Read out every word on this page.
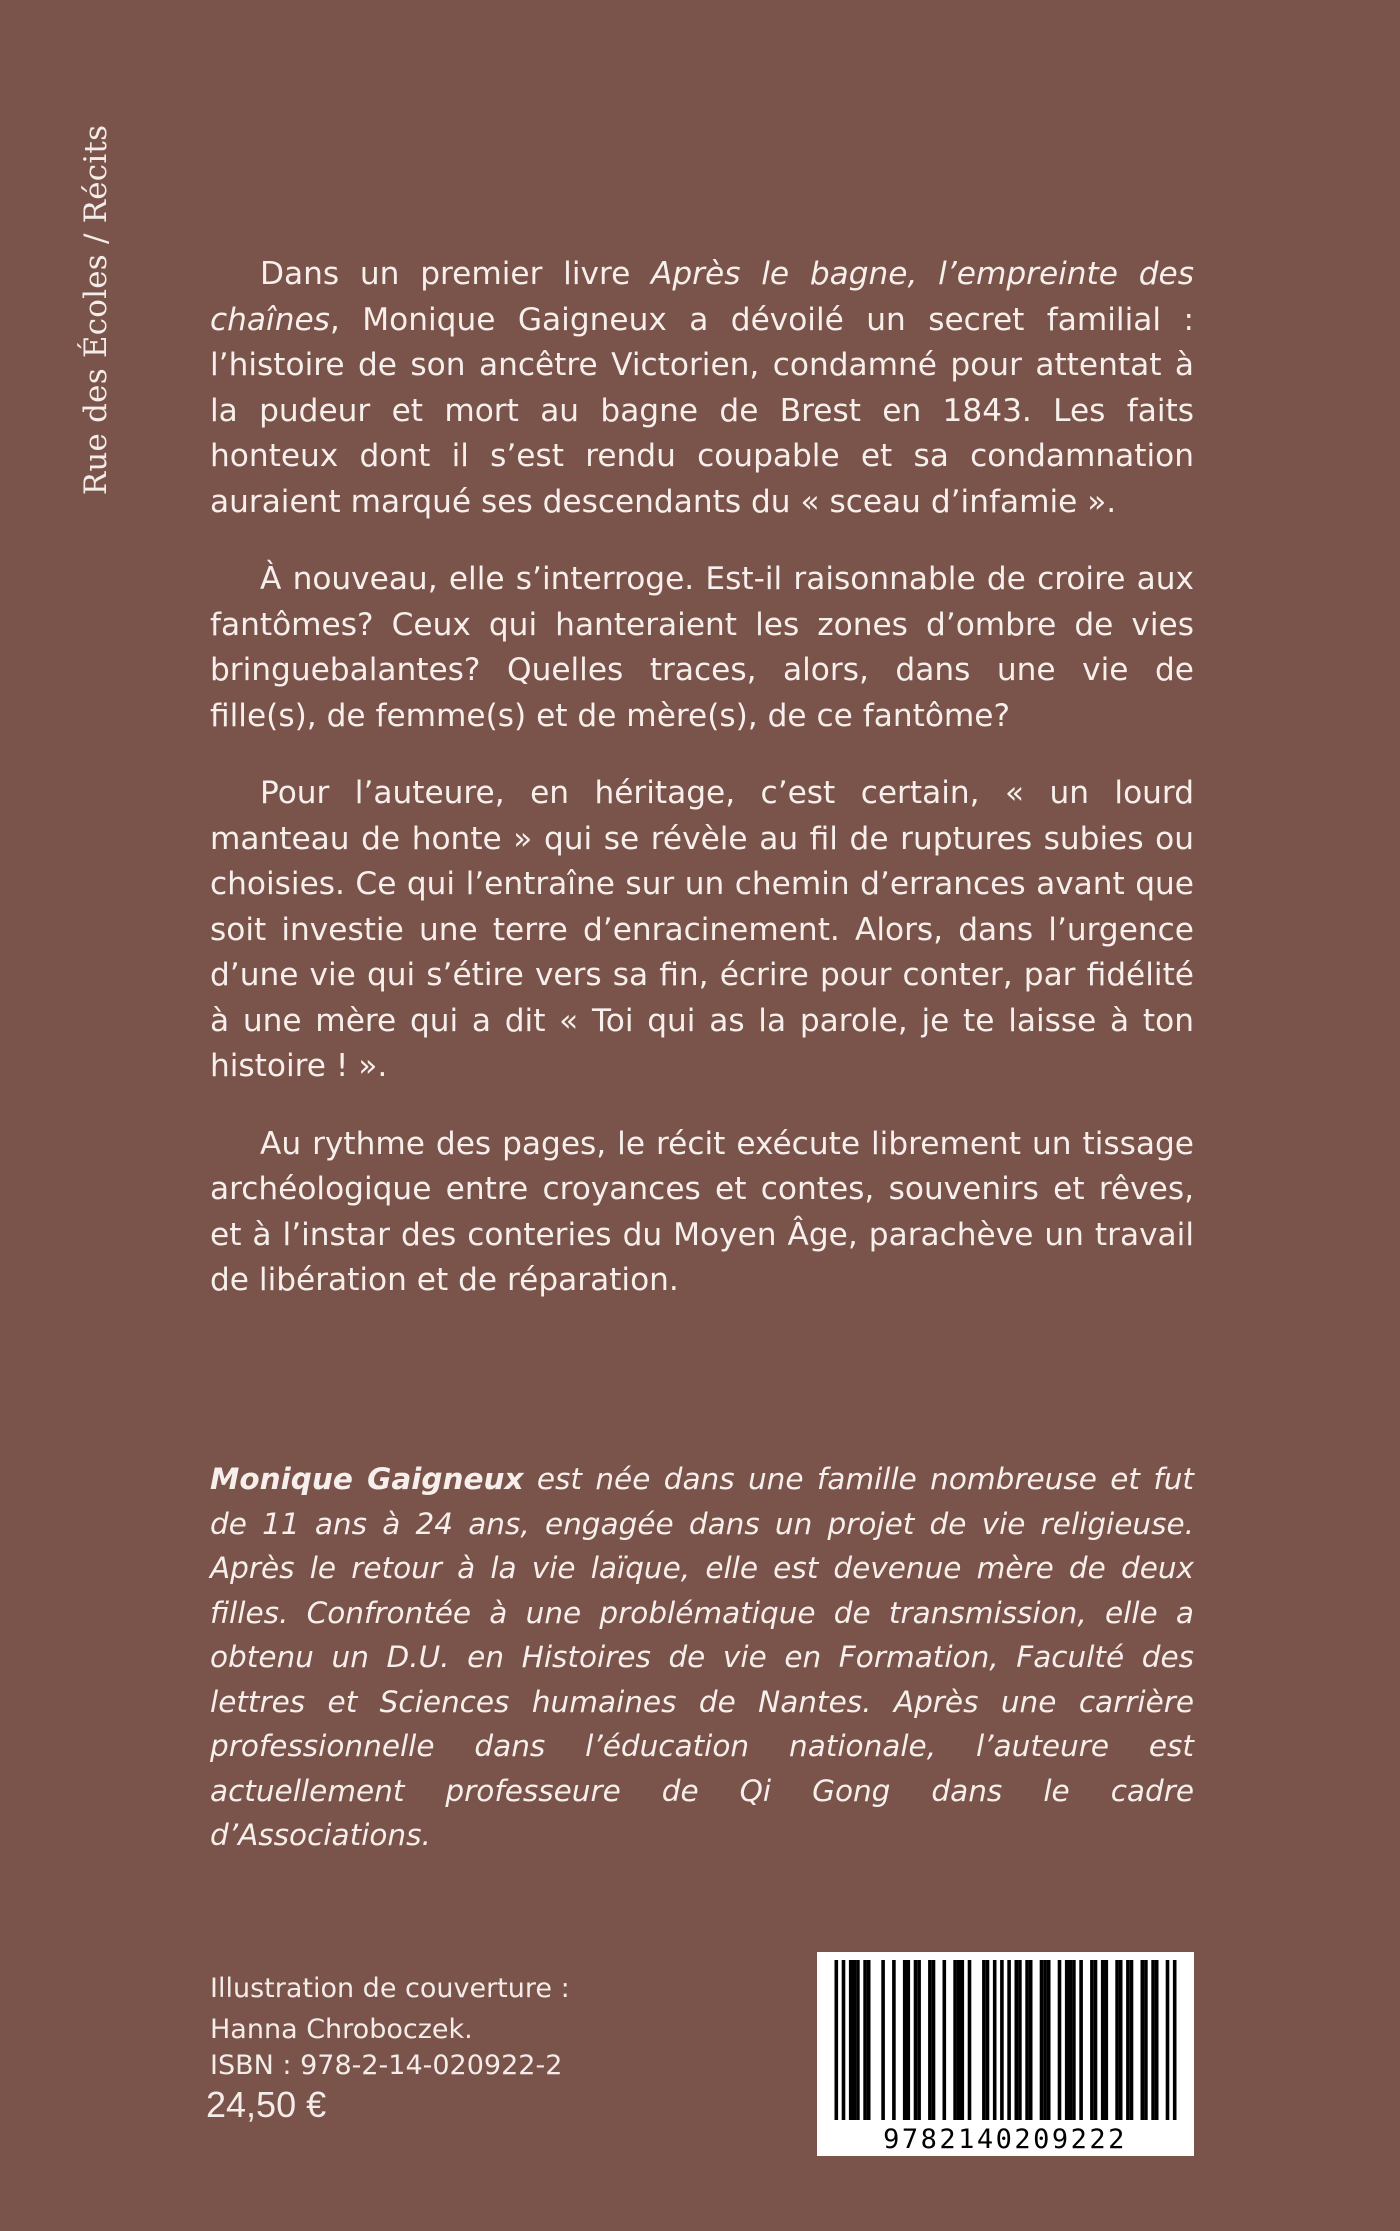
Rue des Écoles / Récits	Dans un premier livre Après le bagne, l’empreinte des chaînes, Monique Gaigneux a dévoilé un secret familial : l’histoire de son ancêtre Victorien, condamné pour attentat à la pudeur et mort au bagne de Brest en 1843. Les faits honteux dont il s’est rendu coupable et sa condamnation auraient marqué ses descendants du « sceau d’infamie ».

À nouveau, elle s’interroge. Est-il raisonnable de croire aux fantômes? Ceux qui hanteraient les zones d’ombre de vies bringuebalantes? Quelles traces, alors, dans une vie de fille(s), de femme(s) et de mère(s), de ce fantôme?

Pour l’auteure, en héritage, c’est certain, « un lourd manteau de honte » qui se révèle au fil de ruptures subies ou choisies. Ce qui l’entraîne sur un chemin d’errances avant que soit investie une terre d’enracinement. Alors, dans l’urgence d’une vie qui s’étire vers sa fin, écrire pour conter, par fidélité à une mère qui a dit « Toi qui as la parole, je te laisse à ton histoire ! ».

Au rythme des pages, le récit exécute librement un tissage archéologique entre croyances et contes, souvenirs et rêves, et à l’instar des conteries du Moyen Âge, parachève un travail de libération et de réparation.

Monique Gaigneux est née dans une famille nombreuse et fut de 11 ans à 24 ans, engagée dans un projet de vie religieuse. Après le retour à la vie laïque, elle est devenue mère de deux filles. Confrontée à une problématique de transmission, elle a obtenu un D.U. en Histoires de vie en Formation, Faculté des lettres et Sciences humaines de Nantes. Après une carrière professionnelle dans l’éducation nationale, l’auteure est actuellement professeure de Qi Gong dans le cadre d’Associations.

Illustration de couverture :
Hanna Chroboczek.
ISBN : 978-2-14-020922-2
24,50 €
9782140209222
